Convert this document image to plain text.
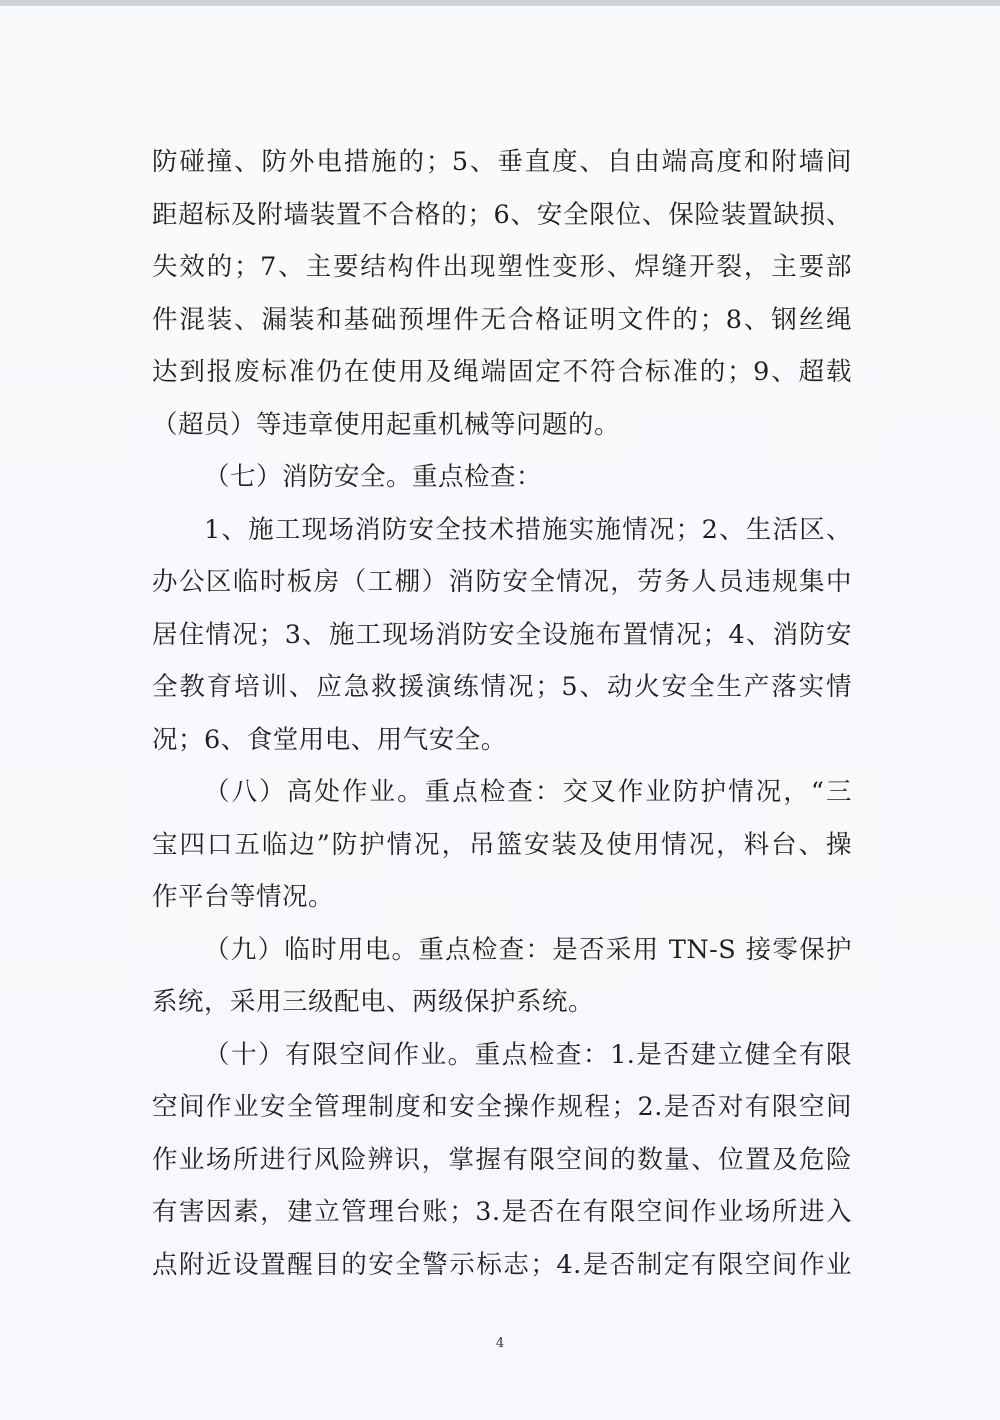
防碰撞、防外电措施的；5、垂直度、自由端高度和附墙间
距超标及附墙装置不合格的；6、安全限位、保险装置缺损、
失效的；7、主要结构件出现塑性变形、焊缝开裂，主要部
件混装、漏装和基础预埋件无合格证明文件的；8、钢丝绳
达到报废标准仍在使用及绳端固定不符合标准的；9、超载
（超员）等违章使用起重机械等问题的。
（七）消防安全。重点检查：
1、施工现场消防安全技术措施实施情况；2、生活区、
办公区临时板房（工棚）消防安全情况，劳务人员违规集中
居住情况；3、施工现场消防安全设施布置情况；4、消防安
全教育培训、应急救援演练情况；5、动火安全生产落实情
况；6、食堂用电、用气安全。
（八）高处作业。重点检查：交叉作业防护情况，“三
宝四口五临边”防护情况，吊篮安装及使用情况，料台、操
作平台等情况。
（九）临时用电。重点检查：是否采用 TN-S 接零保护
系统，采用三级配电、两级保护系统。
（十）有限空间作业。重点检查：1.是否建立健全有限
空间作业安全管理制度和安全操作规程；2.是否对有限空间
作业场所进行风险辨识，掌握有限空间的数量、位置及危险
有害因素，建立管理台账；3.是否在有限空间作业场所进入
点附近设置醒目的安全警示标志；4.是否制定有限空间作业
4
